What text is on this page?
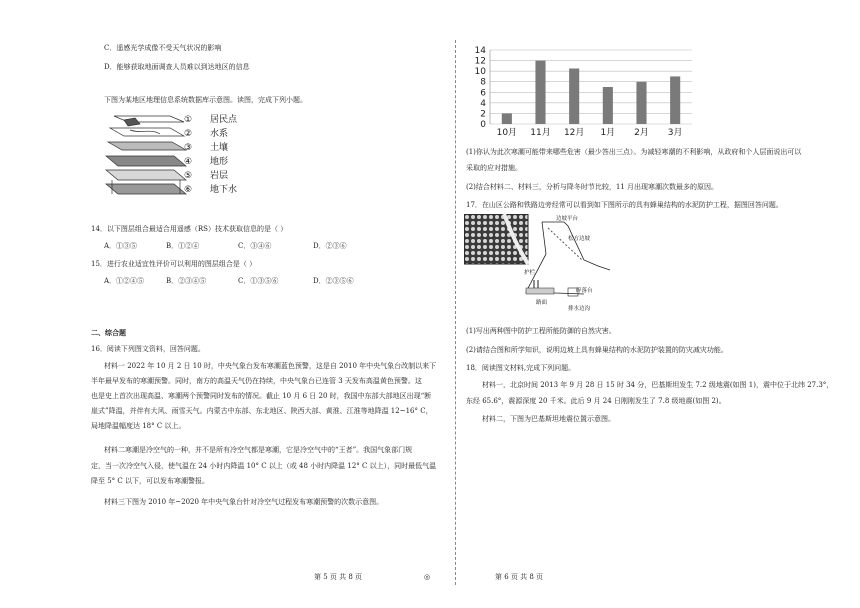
C．遥感光学成像不受天气状况的影响
D．能够获取地面调查人员难以到达地区的信息
下图为某地区地理信息系统数据库示意图。读图，完成下列小题。
①
②
③
④
⑤
⑥
居民点
水系
土壤
地形
岩层
地下水
14．以下图层组合最适合用遥感（RS）技术获取信息的是（ ）
A．①③⑤	B．①②④	C．③④⑥	D．②③⑥
15．进行农业适宜性评价可以利用的图层组合是（ ）
A．①②④⑤	B．②③④⑤	C．①③⑤⑥	D．②③⑤⑥
二、综合题
16．阅读下列图文资料，回答问题。
材料一 2022 年 10 月 2 日 10 时，中央气象台发布寒潮蓝色预警，这是自 2010 年中央气象台改制以来下
半年最早发布的寒潮预警。同时，南方的高温天气仍在持续，中央气象台已连管 3 天发布高温黄色预警。这
也是史上首次出现高温、寒潮两个预警同时发布的情况。截止 10 月 6 日 20 时，我国中东部大部地区出现“断
崖式”降温，并伴有大风、雨雪天气。内蒙古中东部、东北地区、陕西大部、黄淮、江淮等地降温 12~16° C，
局地降温幅度达 18° C 以上。
材料二寒潮是冷空气的一种，并不是所有冷空气都是寒潮，它是冷空气中的“王者”。我国气象部门规
定，当一次冷空气入侵，使气温在 24 小时内降温 10° C 以上（或 48 小时内降温 12° C 以上），同时最低气温
降至 5° C 以下，可以发布寒潮警报。
材料三下图为 2010 年~2020 年中央气象台针对冷空气过程发布寒潮预警的次数示意图。
0
2
4
6
8
10
12
14
10月 11月 12月 1月 2月 3月
(1)你认为此次寒潮可能带来哪些危害（最少答出三点）。为减轻寒潮的不利影响，从政府和个人层面说出可以
采取的应对措施。
(2)结合材料二、材料三，分析与降冬时节比较，11 月出现寒潮次数最多的原因。
17．在山区公路和铁路边旁经常可以看到如下图所示的具有蜂巢结构的水泥防护工程，据图回答问题。
边坡平台
松方边坡
护栏
路面
碎落台
排水边沟
(1)写出两种图中防护工程所能防御的自然灾害。
(2)请结合图和所学知识，说明边坡上具有蜂巢结构的水泥防护装置的防灾减灾功能。
18．阅读图文材料,完成下列问题。
材料一，北京时间 2013 年 9 月 28 日 15 时 34 分，巴基斯坦发生 7.2 级地震(如图 1)，震中位于北纬 27.3°，
东经 65.6°，震源深度 20 千米。此后 9 月 24 日刚刚发生了 7.8 级地震(如图 2)。
材料二，下图为巴基斯坦地震位置示意图。
第 5 页 共 8 页	◎	第 6 页 共 8 页
